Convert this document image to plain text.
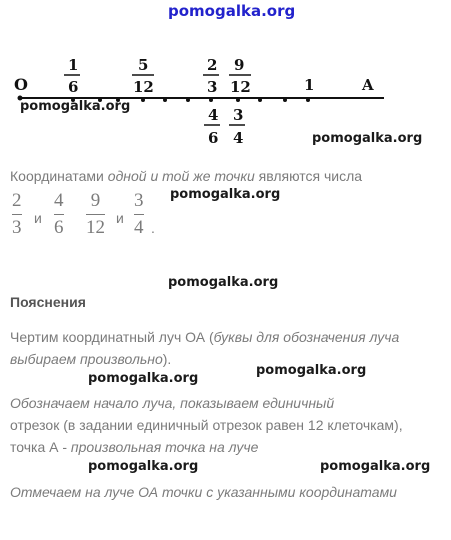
pomogalka.org
O	A
1
1
6
5
12
2
3
9
12
4
6
3
4
pomogalka.org
pomogalka.org
Координатами одной и той же точки являются числа
pomogalka.org
2
3 и
4
6
9
12 и
3
4 .
pomogalka.org
Пояснения
Чертим координатный луч ОА (буквы для обозначения луча выбираем произвольно).
pomogalka.org
pomogalka.org
Обозначаем начало луча, показываем единичный
отрезок (в задании единичный отрезок равен 12 клеточкам), точка А - произвольная точка на луче
pomogalka.org	pomogalka.org
Отмечаем на луче ОА точки с указанными координатами
